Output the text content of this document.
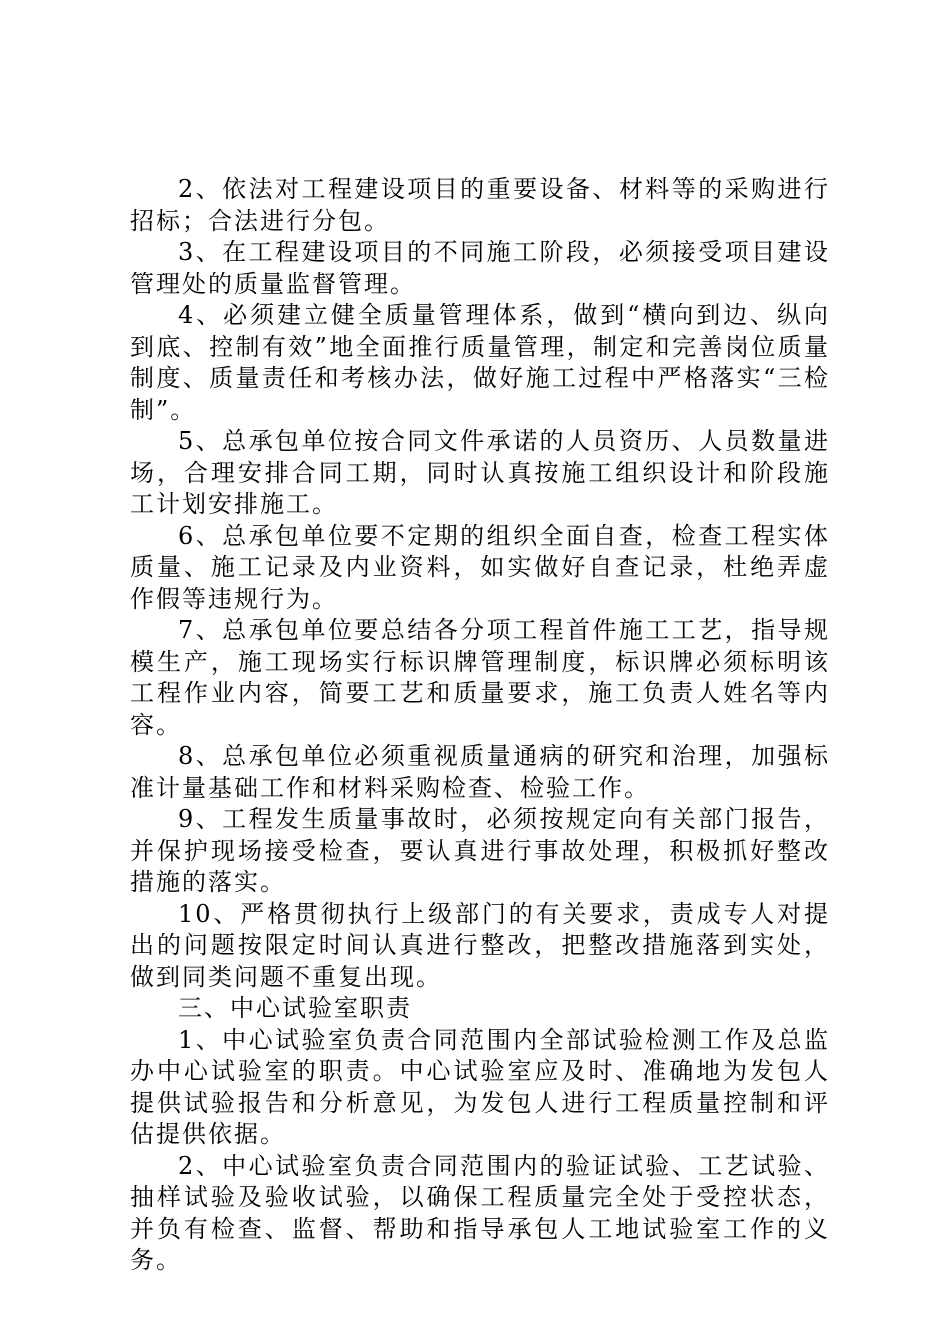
2、依法对工程建设项目的重要设备、材料等的采购进行招标；合法进行分包。

3、在工程建设项目的不同施工阶段，必须接受项目建设管理处的质量监督管理。

4、必须建立健全质量管理体系，做到“横向到边、纵向到底、控制有效”地全面推行质量管理，制定和完善岗位质量制度、质量责任和考核办法，做好施工过程中严格落实“三检制”。

5、总承包单位按合同文件承诺的人员资历、人员数量进场，合理安排合同工期，同时认真按施工组织设计和阶段施工计划安排施工。

6、总承包单位要不定期的组织全面自查，检查工程实体质量、施工记录及内业资料，如实做好自查记录，杜绝弄虚作假等违规行为。

7、总承包单位要总结各分项工程首件施工工艺，指导规模生产，施工现场实行标识牌管理制度，标识牌必须标明该工程作业内容，简要工艺和质量要求，施工负责人姓名等内容。

8、总承包单位必须重视质量通病的研究和治理，加强标准计量基础工作和材料采购检查、检验工作。

9、工程发生质量事故时，必须按规定向有关部门报告，并保护现场接受检查，要认真进行事故处理，积极抓好整改措施的落实。

10、严格贯彻执行上级部门的有关要求，责成专人对提出的问题按限定时间认真进行整改，把整改措施落到实处，做到同类问题不重复出现。

三、中心试验室职责

1、中心试验室负责合同范围内全部试验检测工作及总监办中心试验室的职责。中心试验室应及时、准确地为发包人提供试验报告和分析意见，为发包人进行工程质量控制和评估提供依据。

2、中心试验室负责合同范围内的验证试验、工艺试验、抽样试验及验收试验，以确保工程质量完全处于受控状态，并负有检查、监督、帮助和指导承包人工地试验室工作的义务。
